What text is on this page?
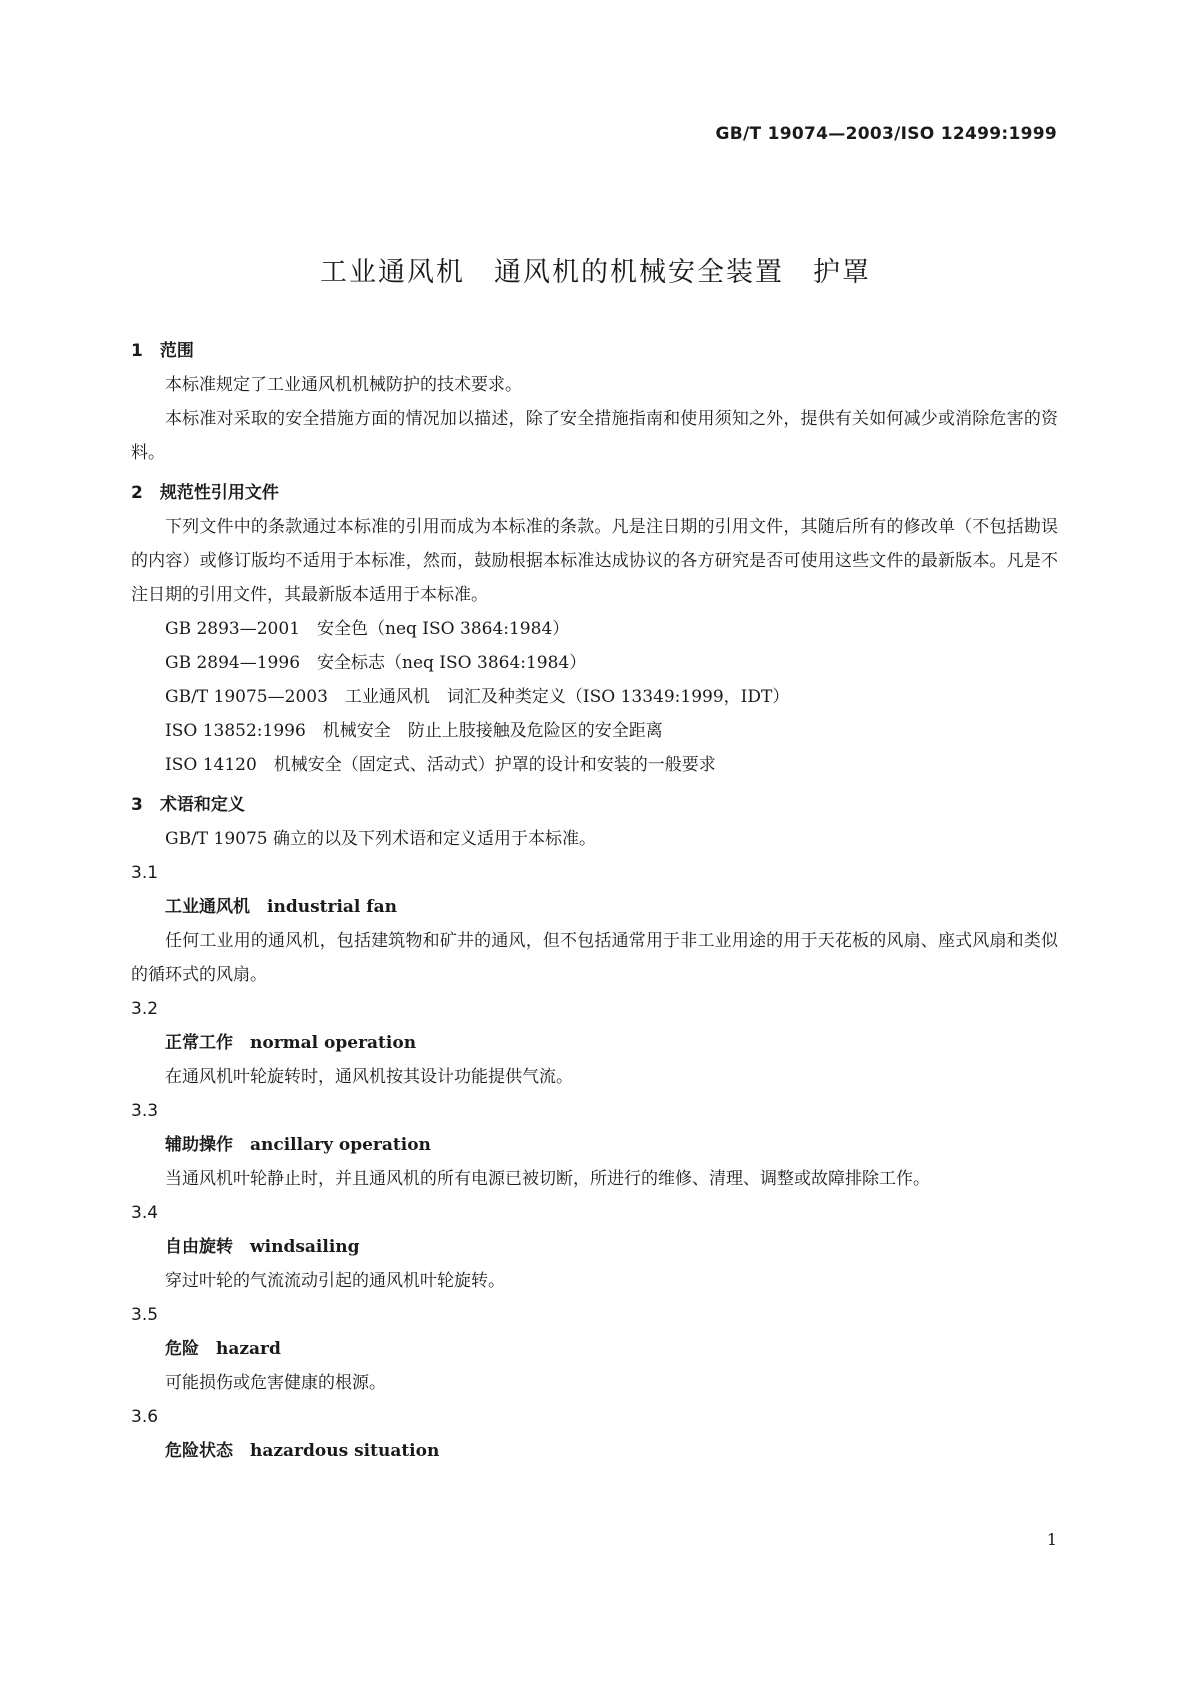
GB/T 19074—2003/ISO 12499:1999
工业通风机　通风机的机械安全装置　护罩
1　范围

本标准规定了工业通风机机械防护的技术要求。

本标准对采取的安全措施方面的情况加以描述，除了安全措施指南和使用须知之外，提供有关如何减少或消除危害的资料。

2　规范性引用文件

下列文件中的条款通过本标准的引用而成为本标准的条款。凡是注日期的引用文件，其随后所有的修改单（不包括勘误的内容）或修订版均不适用于本标准，然而，鼓励根据本标准达成协议的各方研究是否可使用这些文件的最新版本。凡是不注日期的引用文件，其最新版本适用于本标准。

GB 2893—2001　安全色（neq ISO 3864:1984）

GB 2894—1996　安全标志（neq ISO 3864:1984）

GB/T 19075—2003　工业通风机　词汇及种类定义（ISO 13349:1999，IDT）

ISO 13852:1996　机械安全　防止上肢接触及危险区的安全距离

ISO 14120　机械安全（固定式、活动式）护罩的设计和安装的一般要求

3　术语和定义

GB/T 19075 确立的以及下列术语和定义适用于本标准。

3.1

工业通风机　 industrial fan

任何工业用的通风机，包括建筑物和矿井的通风，但不包括通常用于非工业用途的用于天花板的风扇、座式风扇和类似的循环式的风扇。

3.2

正常工作　 normal operation

在通风机叶轮旋转时，通风机按其设计功能提供气流。

3.3

辅助操作　 ancillary operation

当通风机叶轮静止时，并且通风机的所有电源已被切断，所进行的维修、清理、调整或故障排除工作。

3.4

自由旋转　 windsailing

穿过叶轮的气流流动引起的通风机叶轮旋转。

3.5

危险　 hazard

可能损伤或危害健康的根源。

3.6

危险状态　 hazardous situation

1
